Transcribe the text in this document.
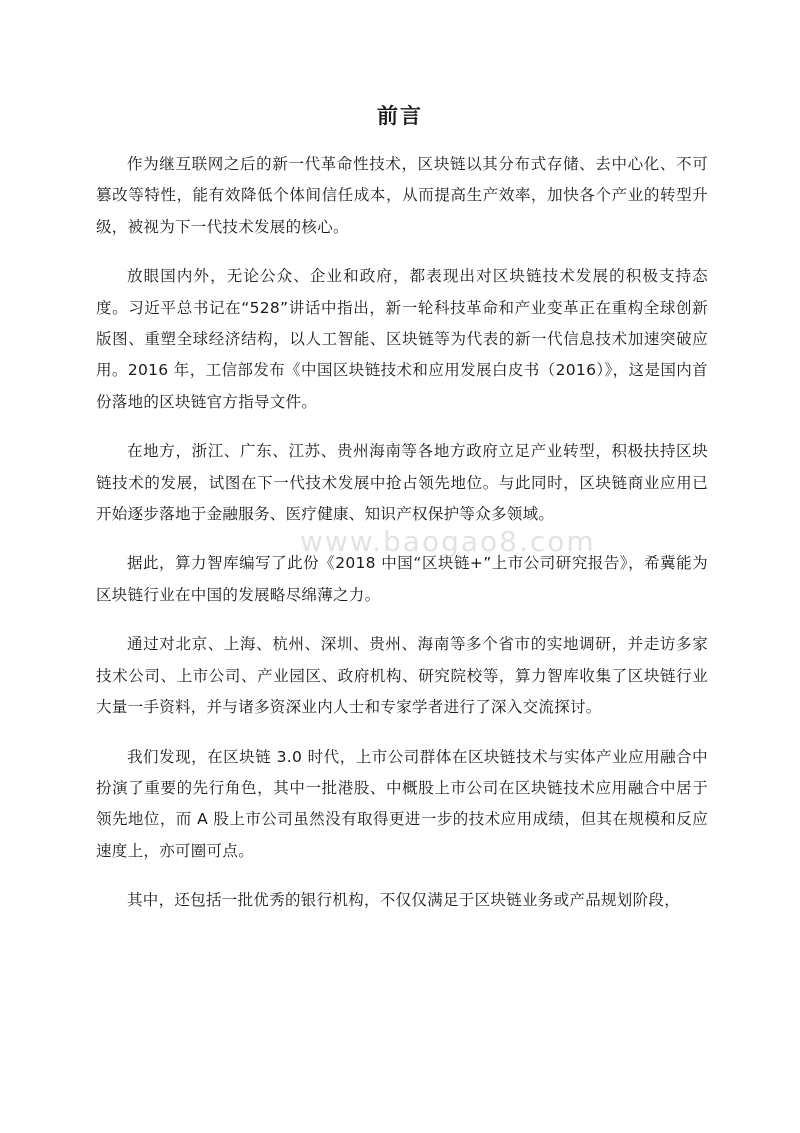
前言

作为继互联网之后的新一代革命性技术，区块链以其分布式存储、去中心化、不可篡改等特性，能有效降低个体间信任成本，从而提高生产效率，加快各个产业的转型升级，被视为下一代技术发展的核心。

放眼国内外，无论公众、企业和政府，都表现出对区块链技术发展的积极支持态度。习近平总书记在“528”讲话中指出，新一轮科技革命和产业变革正在重构全球创新版图、重塑全球经济结构，以人工智能、区块链等为代表的新一代信息技术加速突破应用。2016 年，工信部发布《中国区块链技术和应用发展白皮书（2016）》，这是国内首份落地的区块链官方指导文件。

在地方，浙江、广东、江苏、贵州海南等各地方政府立足产业转型，积极扶持区块链技术的发展，试图在下一代技术发展中抢占领先地位。与此同时，区块链商业应用已开始逐步落地于金融服务、医疗健康、知识产权保护等众多领域。

据此，算力智库编写了此份《2018 中国“区块链+”上市公司研究报告》，希冀能为区块链行业在中国的发展略尽绵薄之力。

通过对北京、上海、杭州、深圳、贵州、海南等多个省市的实地调研，并走访多家技术公司、上市公司、产业园区、政府机构、研究院校等，算力智库收集了区块链行业大量一手资料，并与诸多资深业内人士和专家学者进行了深入交流探讨。

我们发现，在区块链 3.0 时代，上市公司群体在区块链技术与实体产业应用融合中扮演了重要的先行角色，其中一批港股、中概股上市公司在区块链技术应用融合中居于领先地位，而 A 股上市公司虽然没有取得更进一步的技术应用成绩，但其在规模和反应速度上，亦可圈可点。

其中，还包括一批优秀的银行机构，不仅仅满足于区块链业务或产品规划阶段，

www.baogao8.com
